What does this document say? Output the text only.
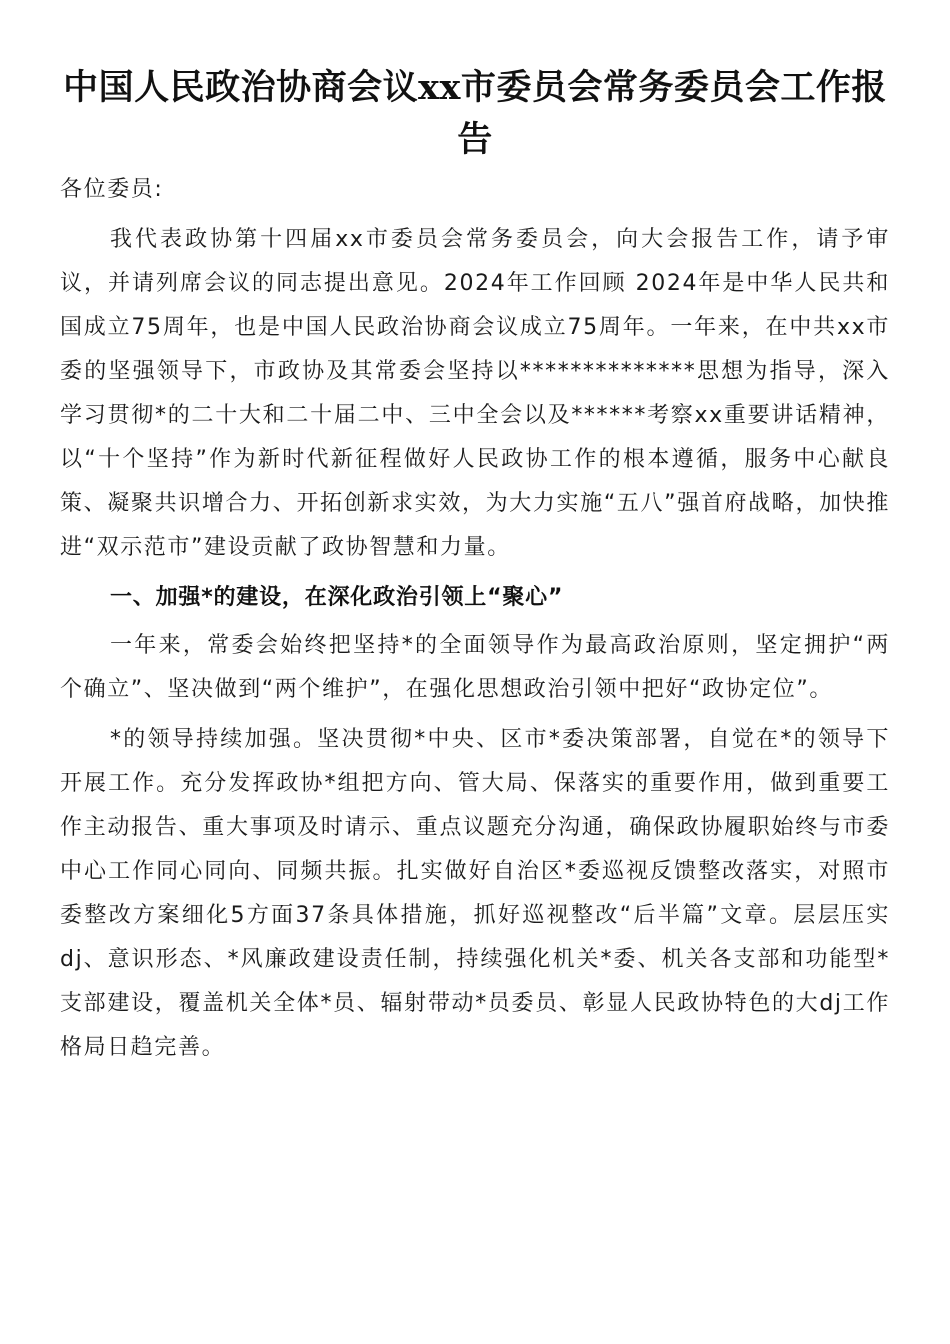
中国人民政治协商会议xx市委员会常务委员会工作报告

各位委员:

我代表政协第十四届xx市委员会常务委员会，向大会报告工作，请予审议，并请列席会议的同志提出意见。2024年工作回顾 2024年是中华人民共和国成立75周年，也是中国人民政治协商会议成立75周年。一年来，在中共xx市委的坚强领导下，市政协及其常委会坚持以**************思想为指导，深入学习贯彻*的二十大和二十届二中、三中全会以及******考察xx重要讲话精神，以“十个坚持”作为新时代新征程做好人民政协工作的根本遵循，服务中心献良策、凝聚共识增合力、开拓创新求实效，为大力实施“五八”强首府战略，加快推进“双示范市”建设贡献了政协智慧和力量。

一、加强*的建设，在深化政治引领上“聚心”

一年来，常委会始终把坚持*的全面领导作为最高政治原则，坚定拥护“两个确立”、坚决做到“两个维护”，在强化思想政治引领中把好“政协定位”。

*的领导持续加强。坚决贯彻*中央、区市*委决策部署，自觉在*的领导下开展工作。充分发挥政协*组把方向、管大局、保落实的重要作用，做到重要工作主动报告、重大事项及时请示、重点议题充分沟通，确保政协履职始终与市委中心工作同心同向、同频共振。扎实做好自治区*委巡视反馈整改落实，对照市委整改方案细化5方面37条具体措施，抓好巡视整改“后半篇”文章。层层压实dj、意识形态、*风廉政建设责任制，持续强化机关*委、机关各支部和功能型*支部建设，覆盖机关全体*员、辐射带动*员委员、彰显人民政协特色的大dj工作格局日趋完善。
